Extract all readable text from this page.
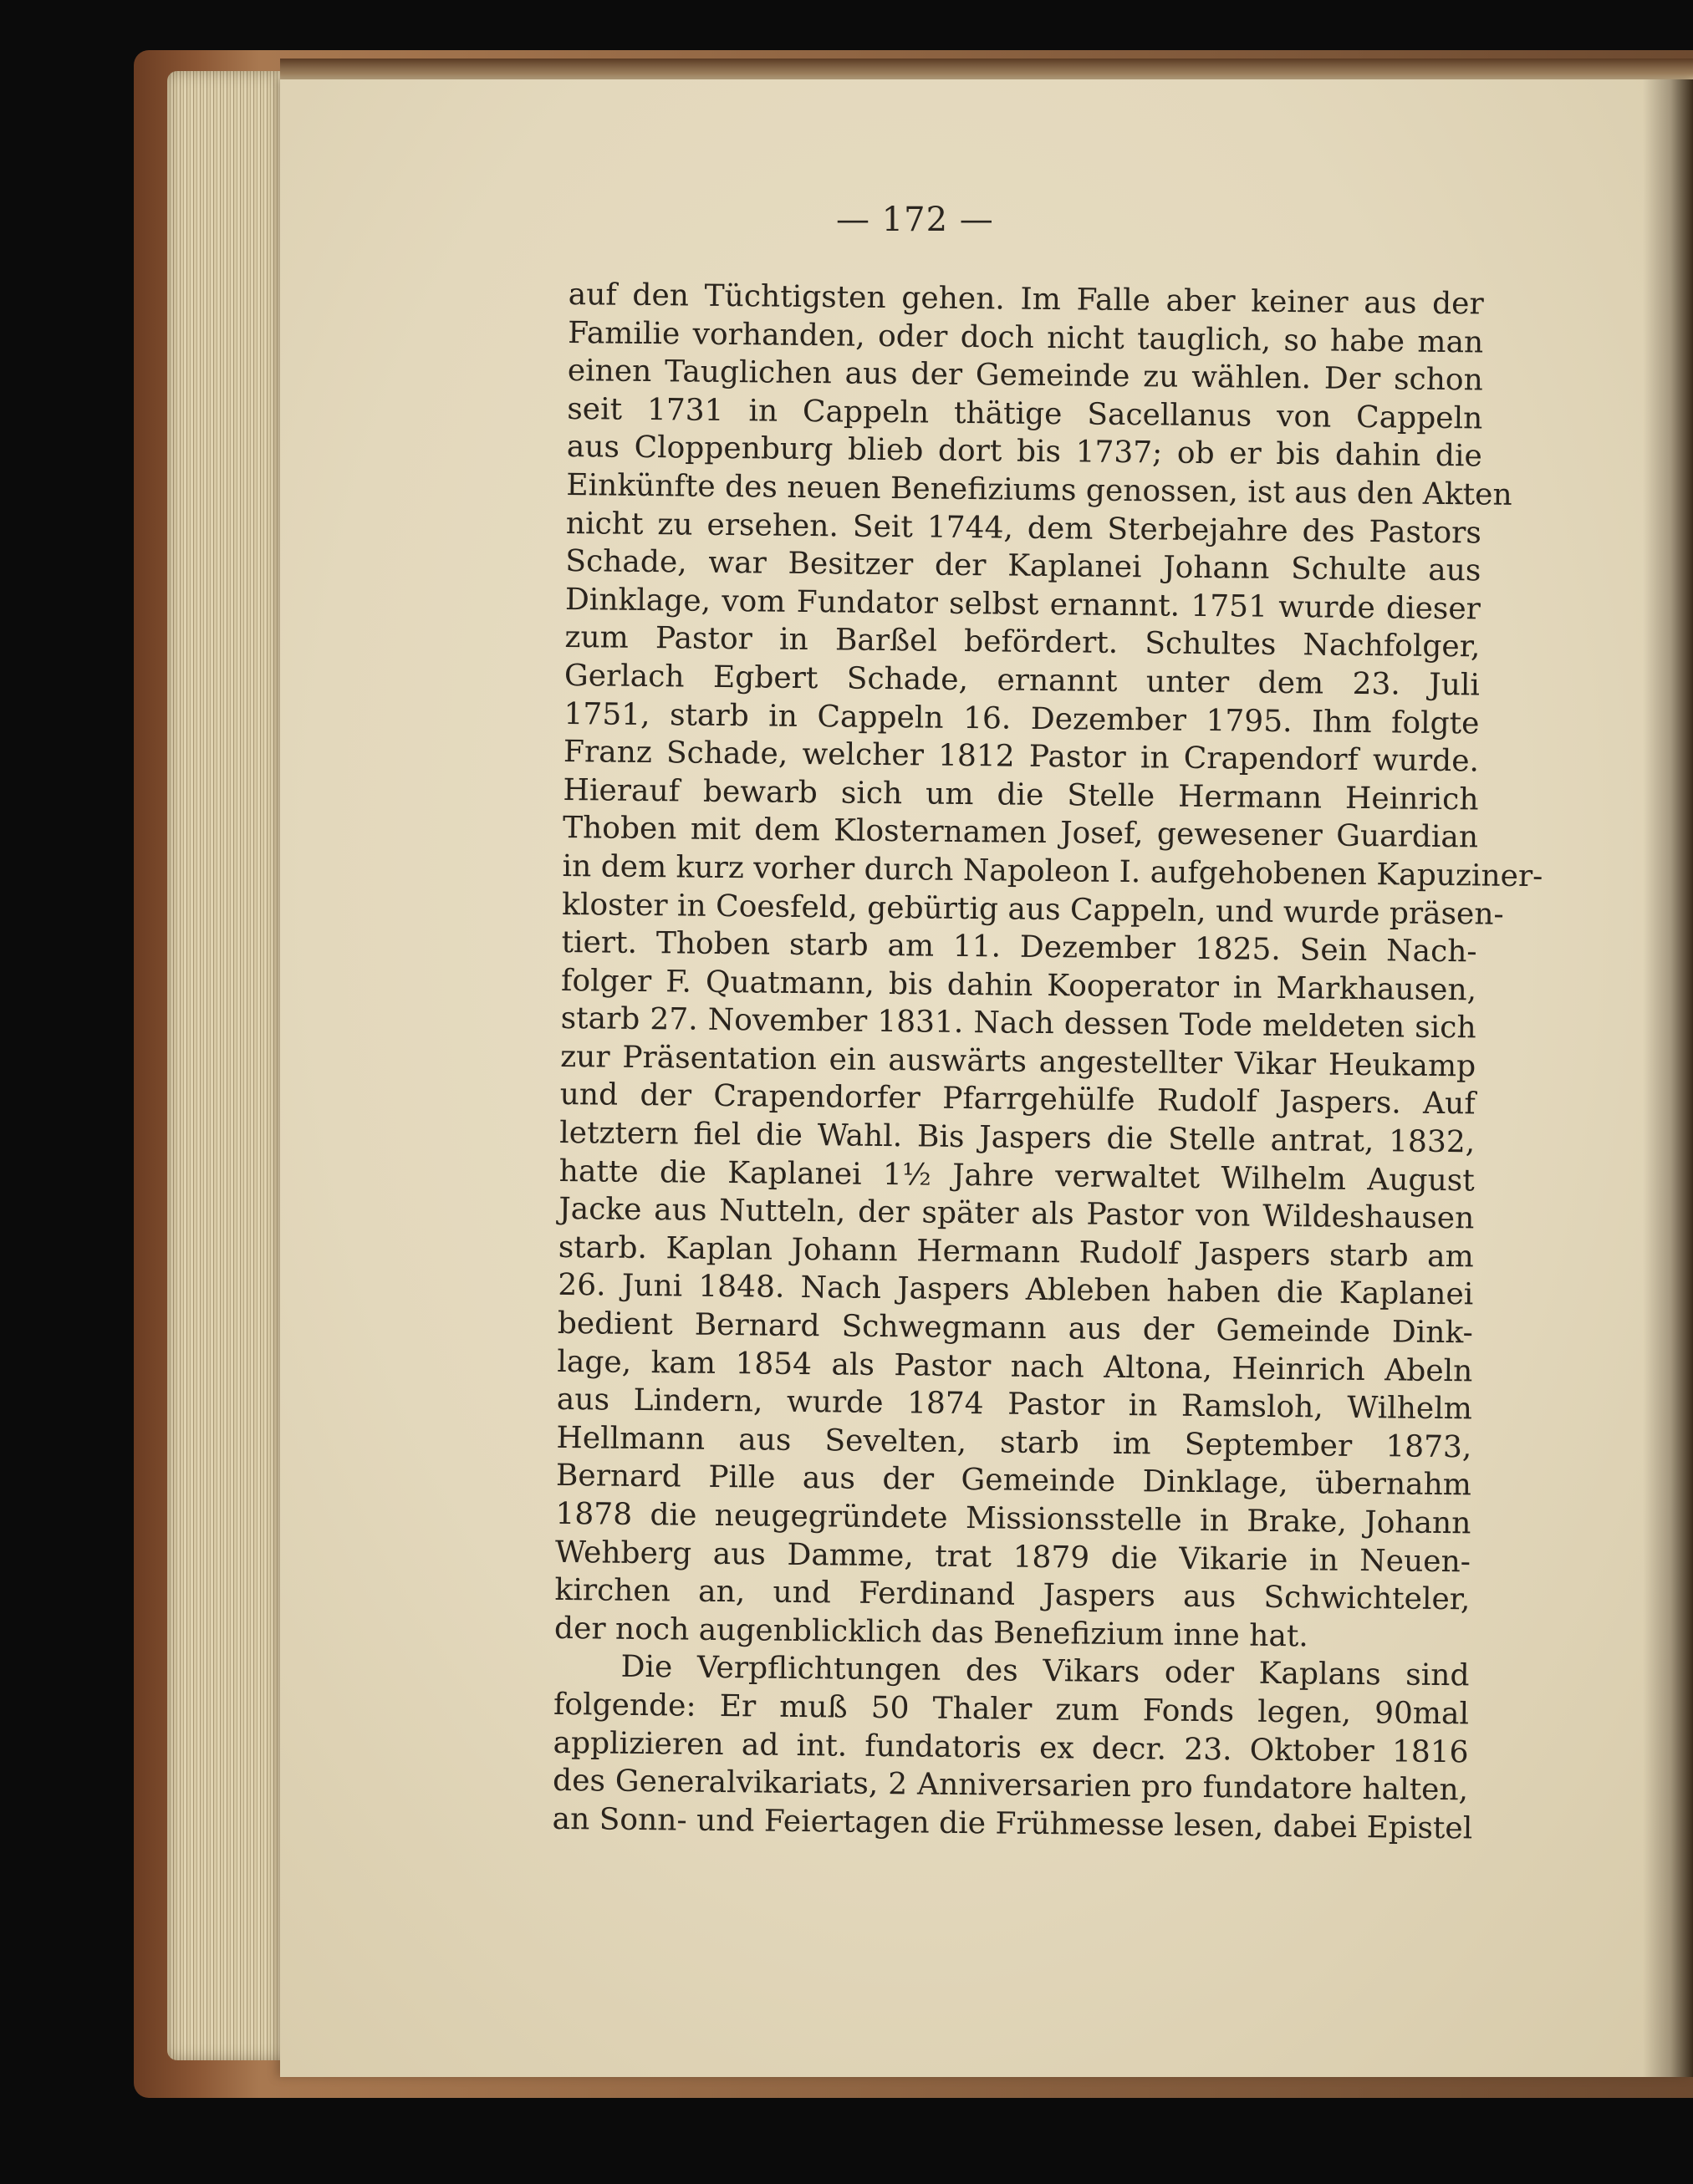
— 172 —
auf den Tüchtigsten gehen. Im Falle aber keiner aus der
Familie vorhanden, oder doch nicht tauglich, so habe man
einen Tauglichen aus der Gemeinde zu wählen. Der schon
seit 1731 in Cappeln thätige Sacellanus von Cappeln
aus Cloppenburg blieb dort bis 1737; ob er bis dahin die
Einkünfte des neuen Benefiziums genossen, ist aus den Akten
nicht zu ersehen. Seit 1744, dem Sterbejahre des Pastors
Schade, war Besitzer der Kaplanei Johann Schulte aus
Dinklage, vom Fundator selbst ernannt. 1751 wurde dieser
zum Pastor in Barßel befördert. Schultes Nachfolger,
Gerlach Egbert Schade, ernannt unter dem 23. Juli
1751, starb in Cappeln 16. Dezember 1795. Ihm folgte
Franz Schade, welcher 1812 Pastor in Crapendorf wurde.
Hierauf bewarb sich um die Stelle Hermann Heinrich
Thoben mit dem Klosternamen Josef, gewesener Guardian
in dem kurz vorher durch Napoleon I. aufgehobenen Kapuziner-
kloster in Coesfeld, gebürtig aus Cappeln, und wurde präsen-
tiert. Thoben starb am 11. Dezember 1825. Sein Nach-
folger F. Quatmann, bis dahin Kooperator in Markhausen,
starb 27. November 1831. Nach dessen Tode meldeten sich
zur Präsentation ein auswärts angestellter Vikar Heukamp
und der Crapendorfer Pfarrgehülfe Rudolf Jaspers. Auf
letztern fiel die Wahl. Bis Jaspers die Stelle antrat, 1832,
hatte die Kaplanei 1½ Jahre verwaltet Wilhelm August
Jacke aus Nutteln, der später als Pastor von Wildeshausen
starb. Kaplan Johann Hermann Rudolf Jaspers starb am
26. Juni 1848. Nach Jaspers Ableben haben die Kaplanei
bedient Bernard Schwegmann aus der Gemeinde Dink-
lage, kam 1854 als Pastor nach Altona, Heinrich Abeln
aus Lindern, wurde 1874 Pastor in Ramsloh, Wilhelm
Hellmann aus Sevelten, starb im September 1873,
Bernard Pille aus der Gemeinde Dinklage, übernahm
1878 die neugegründete Missionsstelle in Brake, Johann
Wehberg aus Damme, trat 1879 die Vikarie in Neuen-
kirchen an, und Ferdinand Jaspers aus Schwichteler,
der noch augenblicklich das Benefizium inne hat.
Die Verpflichtungen des Vikars oder Kaplans sind
folgende: Er muß 50 Thaler zum Fonds legen, 90mal
applizieren ad int. fundatoris ex decr. 23. Oktober 1816
des Generalvikariats, 2 Anniversarien pro fundatore halten,
an Sonn- und Feiertagen die Frühmesse lesen, dabei Epistel
